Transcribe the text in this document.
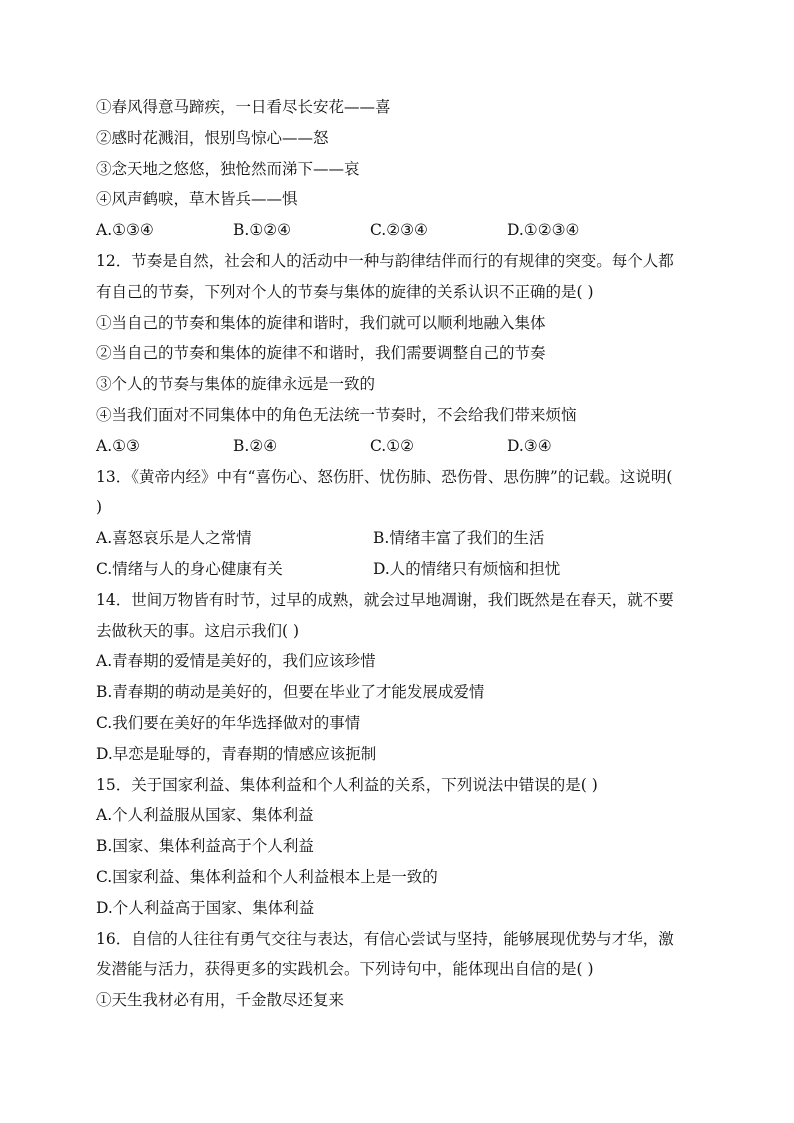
①春风得意马蹄疾，一日看尽长安花——喜
②感时花溅泪，恨别鸟惊心——怒
③念天地之悠悠，独怆然而涕下——哀
④风声鹤唳，草木皆兵——惧
A.①③④	B.①②④	C.②③④	D.①②③④
12．节奏是自然，社会和人的活动中一种与韵律结伴而行的有规律的突变。每个人都
有自己的节奏，下列对个人的节奏与集体的旋律的关系认识不正确的是( )
①当自己的节奏和集体的旋律和谐时，我们就可以顺利地融入集体
②当自己的节奏和集体的旋律不和谐时，我们需要调整自己的节奏
③个人的节奏与集体的旋律永远是一致的
④当我们面对不同集体中的角色无法统一节奏时，不会给我们带来烦恼
A.①③	B.②④	C.①②	D.③④
13．《黄帝内经》中有“喜伤心、怒伤肝、忧伤肺、恐伤骨、思伤脾”的记载。这说明(
)
A.喜怒哀乐是人之常情	B.情绪丰富了我们的生活
C.情绪与人的身心健康有关	D.人的情绪只有烦恼和担忧
14．世间万物皆有时节，过早的成熟，就会过早地凋谢，我们既然是在春天，就不要
去做秋天的事。这启示我们( )
A.青春期的爱情是美好的，我们应该珍惜
B.青春期的萌动是美好的，但要在毕业了才能发展成爱情
C.我们要在美好的年华选择做对的事情
D.早恋是耻辱的，青春期的情感应该扼制
15．关于国家利益、集体利益和个人利益的关系，下列说法中错误的是( )
A.个人利益服从国家、集体利益
B.国家、集体利益高于个人利益
C.国家利益、集体利益和个人利益根本上是一致的
D.个人利益高于国家、集体利益
16．自信的人往往有勇气交往与表达，有信心尝试与坚持，能够展现优势与才华，激
发潜能与活力，获得更多的实践机会。下列诗句中，能体现出自信的是( )
①天生我材必有用，千金散尽还复来
